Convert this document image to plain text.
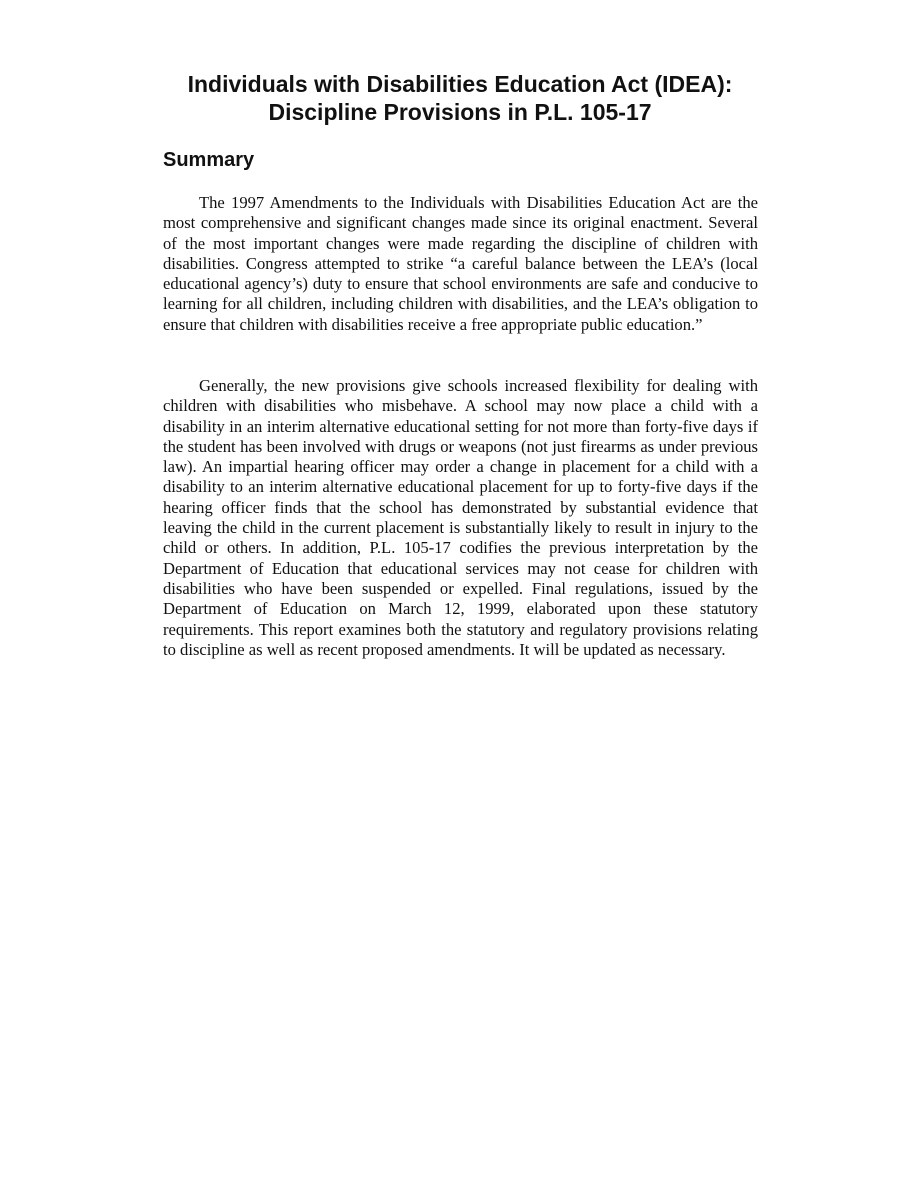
Individuals with Disabilities Education Act (IDEA):
Discipline Provisions in P.L. 105-17
Summary

The 1997 Amendments to the Individuals with Disabilities Education Act are the most comprehensive and significant changes made since its original enactment. Several of the most important changes were made regarding the discipline of children with disabilities. Congress attempted to strike “a careful balance between the LEA’s (local educational agency’s) duty to ensure that school environments are safe and conducive to learning for all children, including children with disabilities, and the LEA’s obligation to ensure that children with disabilities receive a free appropriate public education.”

Generally, the new provisions give schools increased flexibility for dealing with children with disabilities who misbehave. A school may now place a child with a disability in an interim alternative educational setting for not more than forty-five days if the student has been involved with drugs or weapons (not just firearms as under previous law). An impartial hearing officer may order a change in placement for a child with a disability to an interim alternative educational placement for up to forty-five days if the hearing officer finds that the school has demonstrated by substantial evidence that leaving the child in the current placement is substantially likely to result in injury to the child or others. In addition, P.L. 105-17 codifies the previous interpretation by the Department of Education that educational services may not cease for children with disabilities who have been suspended or expelled. Final regulations, issued by the Department of Education on March 12, 1999, elaborated upon these statutory requirements. This report examines both the statutory and regulatory provisions relating to discipline as well as recent proposed amendments. It will be updated as necessary.
